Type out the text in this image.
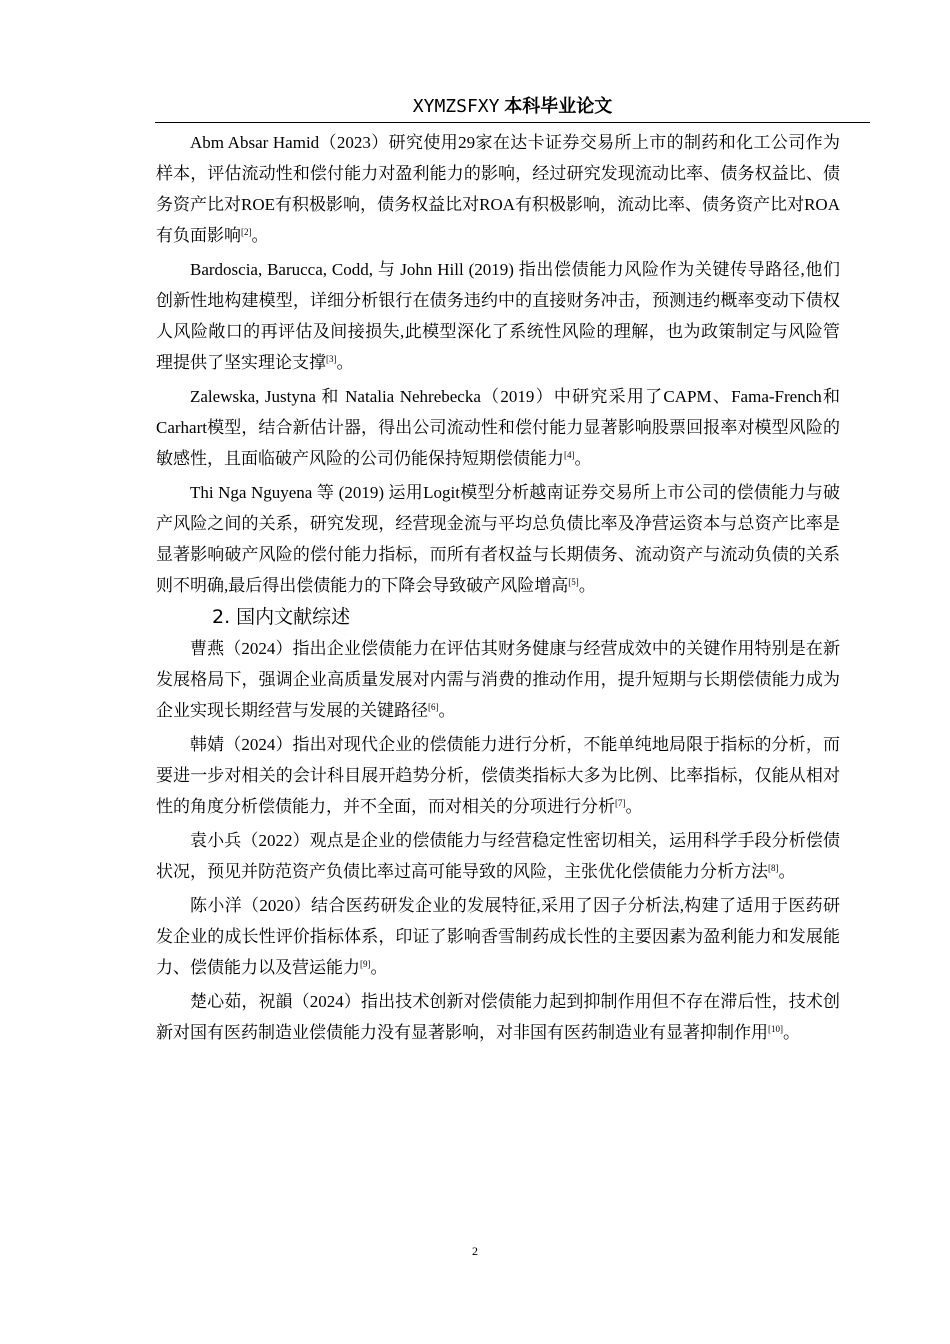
XYMZSFXY 本科毕业论文

Abm Absar Hamid（2023）研究使用29家在达卡证券交易所上市的制药和化工公司作为样本，评估流动性和偿付能力对盈利能力的影响，经过研究发现流动比率、债务权益比、债务资产比对ROE有积极影响，债务权益比对ROA有积极影响，流动比率、债务资产比对ROA有负面影响[2]。

Bardoscia, Barucca, Codd, 与 John Hill (2019) 指出偿债能力风险作为关键传导路径,他们创新性地构建模型，详细分析银行在债务违约中的直接财务冲击，预测违约概率变动下债权人风险敞口的再评估及间接损失,此模型深化了系统性风险的理解，也为政策制定与风险管理提供了坚实理论支撑[3]。

Zalewska, Justyna 和 Natalia Nehrebecka（2019）中研究采用了CAPM、Fama-French和Carhart模型，结合新估计器，得出公司流动性和偿付能力显著影响股票回报率对模型风险的敏感性，且面临破产风险的公司仍能保持短期偿债能力[4]。

Thi Nga Nguyena 等 (2019) 运用Logit模型分析越南证券交易所上市公司的偿债能力与破产风险之间的关系，研究发现，经营现金流与平均总负债比率及净营运资本与总资产比率是显著影响破产风险的偿付能力指标，而所有者权益与长期债务、流动资产与流动负债的关系则不明确,最后得出偿债能力的下降会导致破产风险增高[5]。

2. 国内文献综述

曹燕（2024）指出企业偿债能力在评估其财务健康与经营成效中的关键作用特别是在新发展格局下，强调企业高质量发展对内需与消费的推动作用，提升短期与长期偿债能力成为企业实现长期经营与发展的关键路径[6]。

韩婧（2024）指出对现代企业的偿债能力进行分析，不能单纯地局限于指标的分析，而要进一步对相关的会计科目展开趋势分析，偿债类指标大多为比例、比率指标，仅能从相对性的角度分析偿债能力，并不全面，而对相关的分项进行分析[7]。

袁小兵（2022）观点是企业的偿债能力与经营稳定性密切相关，运用科学手段分析偿债状况，预见并防范资产负债比率过高可能导致的风险，主张优化偿债能力分析方法[8]。

陈小洋（2020）结合医药研发企业的发展特征,采用了因子分析法,构建了适用于医药研发企业的成长性评价指标体系，印证了影响香雪制药成长性的主要因素为盈利能力和发展能力、偿债能力以及营运能力[9]。

楚心茹，祝韻（2024）指出技术创新对偿债能力起到抑制作用但不存在滞后性，技术创新对国有医药制造业偿债能力没有显著影响，对非国有医药制造业有显著抑制作用[10]。

2
